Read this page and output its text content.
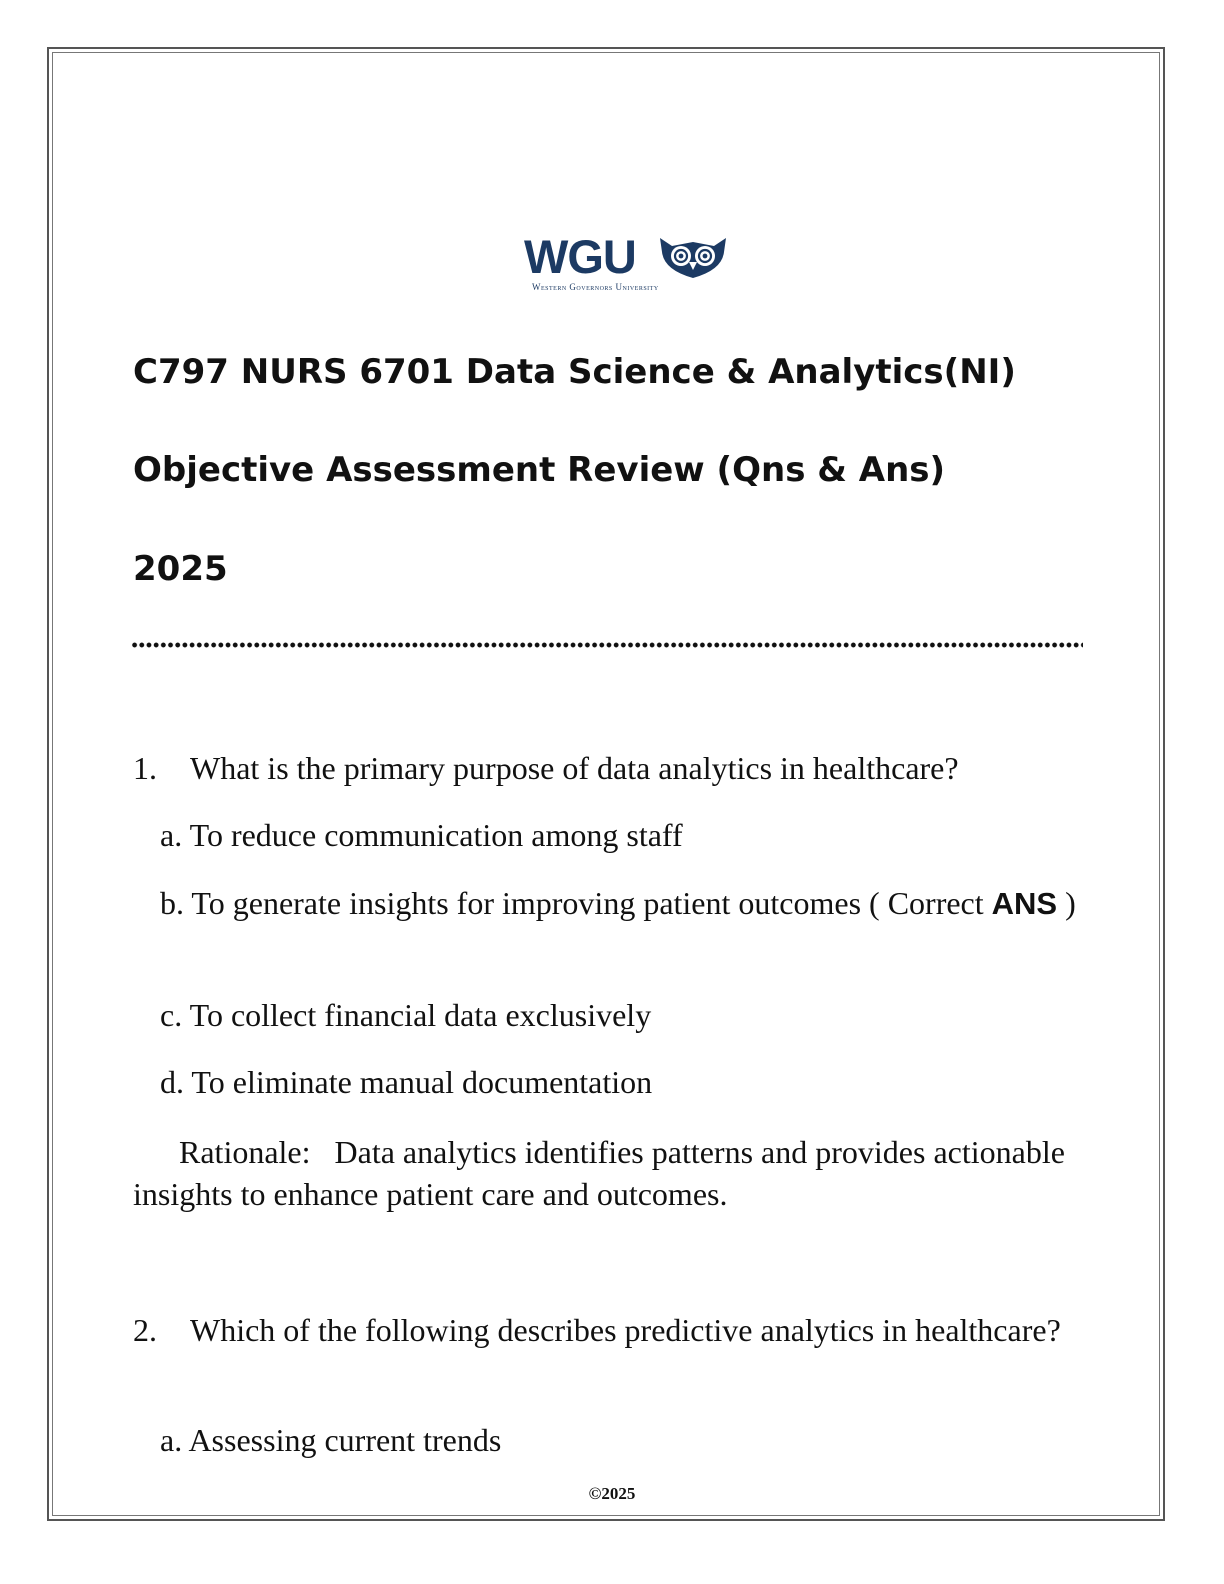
WGU
Western Governors University
C797 NURS 6701 Data Science & Analytics(NI)
Objective Assessment Review (Qns & Ans)
2025
1. What is the primary purpose of data analytics in healthcare?
a. To reduce communication among staff
b. To generate insights for improving patient outcomes ( Correct ANS )
c. To collect financial data exclusively
d. To eliminate manual documentation
Rationale: Data analytics identifies patterns and provides actionable insights to enhance patient care and outcomes.
2. Which of the following describes predictive analytics in healthcare?
a. Assessing current trends
©2025
